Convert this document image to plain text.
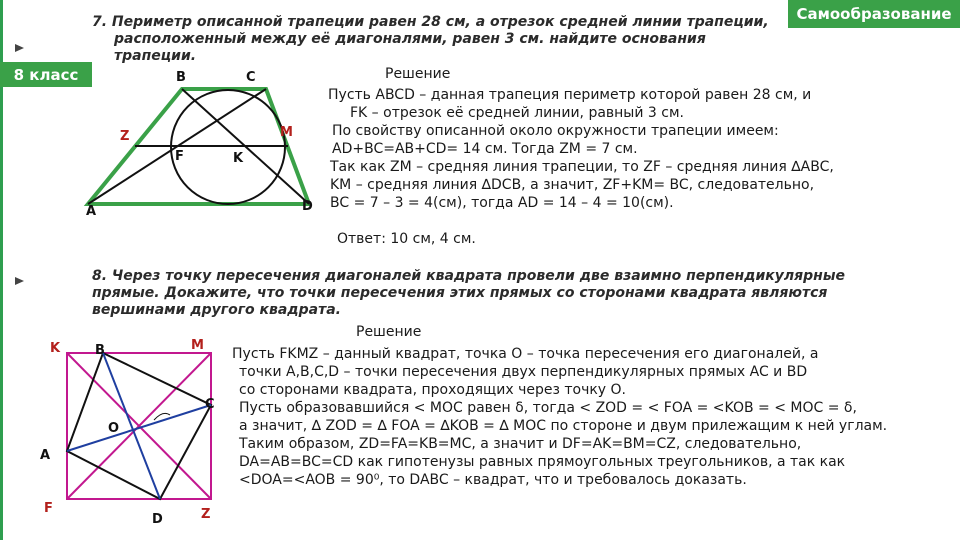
Самообразование
8 класс
7. Периметр описанной трапеции равен 28 см, а отрезок средней линии трапеции,
расположенный между её диагоналями, равен 3 см. найдите основания трапеции.
B	C
Z	M
F	K
A	D
Решение
Пусть ABCD – данная трапеция периметр которой равен 28 см, и
FK – отрезок её средней линии, равный 3 см.
По свойству описанной около окружности трапеции имеем:
AD+BC=AB+CD= 14 см. Тогда ZM = 7 см.
Так как ZM – средняя линия трапеции, то ZF – средняя линия ∆ABC,
KM – средняя линия ∆DCB, а значит, ZF+KM= BC, следовательно,
BC = 7 – 3 = 4(см), тогда AD = 14 – 4 = 10(см).
Ответ: 10 см, 4 см.
8. Через точку пересечения диагоналей квадрата провели две взаимно перпендикулярные
прямые. Докажите, что точки пересечения этих прямых со сторонами квадрата являются
вершинами другого квадрата.
K	B	M
C
O
A
F
D	Z
Решение
Пусть FKMZ – данный квадрат, точка О – точка пересечения его диагоналей, а
точки A,B,C,D – точки пересечения двух перпендикулярных прямых AC и BD
со сторонами квадрата, проходящих через точку О.
Пусть образовавшийся < MOC равен δ, тогда < ZOD = < FOA = <KOB = < MOC = δ,
а значит, ∆ ZOD = ∆ FOA = ∆KOB = ∆ MOC по стороне и двум прилежащим к ней углам.
Таким образом, ZD=FA=KB=MC, а значит и DF=AK=BM=CZ, следовательно,
DA=AB=BC=CD как гипотенузы равных прямоугольных треугольников, а так как
<DOA=<AOB = 90⁰, то DABC – квадрат, что и требовалось доказать.
